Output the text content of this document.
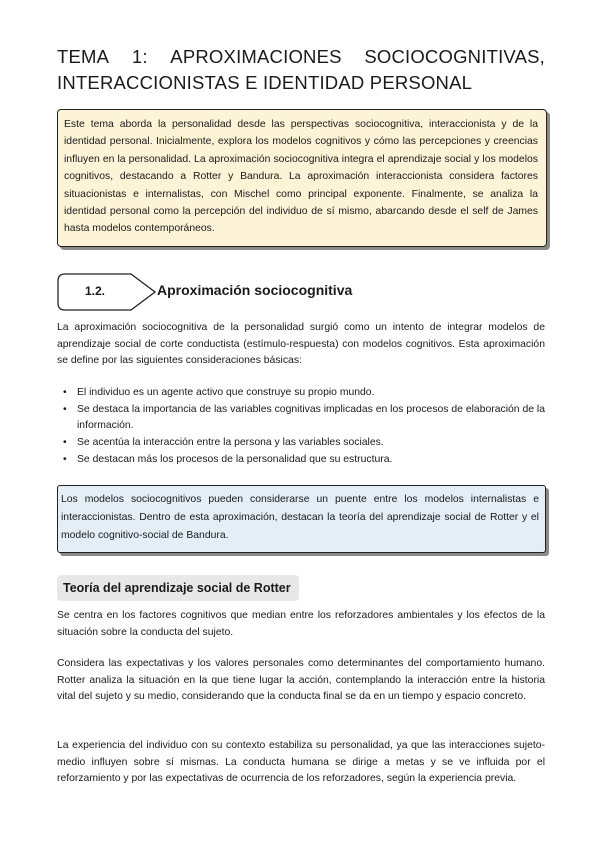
TEMA 1: APROXIMACIONES SOCIOCOGNITIVAS,
INTERACCIONISTAS E IDENTIDAD PERSONAL
Este tema aborda la personalidad desde las perspectivas sociocognitiva, interaccionista y de la identidad personal. Inicialmente, explora los modelos cognitivos y cómo las percepciones y creencias influyen en la personalidad. La aproximación sociocognitiva integra el aprendizaje social y los modelos cognitivos, destacando a Rotter y Bandura. La aproximación interaccionista considera factores situacionistas e internalistas, con Mischel como principal exponente. Finalmente, se analiza la identidad personal como la percepción del individuo de sí mismo, abarcando desde el self de James hasta modelos contemporáneos.
1.2.	Aproximación sociocognitiva
La aproximación sociocognitiva de la personalidad surgió como un intento de integrar modelos de aprendizaje social de corte conductista (estímulo-respuesta) con modelos cognitivos. Esta aproximación se define por las siguientes consideraciones básicas:
• El individuo es un agente activo que construye su propio mundo.
• Se destaca la importancia de las variables cognitivas implicadas en los procesos de elaboración de la información.
• Se acentúa la interacción entre la persona y las variables sociales.
• Se destacan más los procesos de la personalidad que su estructura.
Los modelos sociocognitivos pueden considerarse un puente entre los modelos internalistas e interaccionistas. Dentro de esta aproximación, destacan la teoría del aprendizaje social de Rotter y el modelo cognitivo-social de Bandura.
Teoría del aprendizaje social de Rotter
Se centra en los factores cognitivos que median entre los reforzadores ambientales y los efectos de la situación sobre la conducta del sujeto.
Considera las expectativas y los valores personales como determinantes del comportamiento humano. Rotter analiza la situación en la que tiene lugar la acción, contemplando la interacción entre la historia vital del sujeto y su medio, considerando que la conducta final se da en un tiempo y espacio concreto.
La experiencia del individuo con su contexto estabiliza su personalidad, ya que las interacciones sujeto-medio influyen sobre sí mismas. La conducta humana se dirige a metas y se ve influida por el reforzamiento y por las expectativas de ocurrencia de los reforzadores, según la experiencia previa.
